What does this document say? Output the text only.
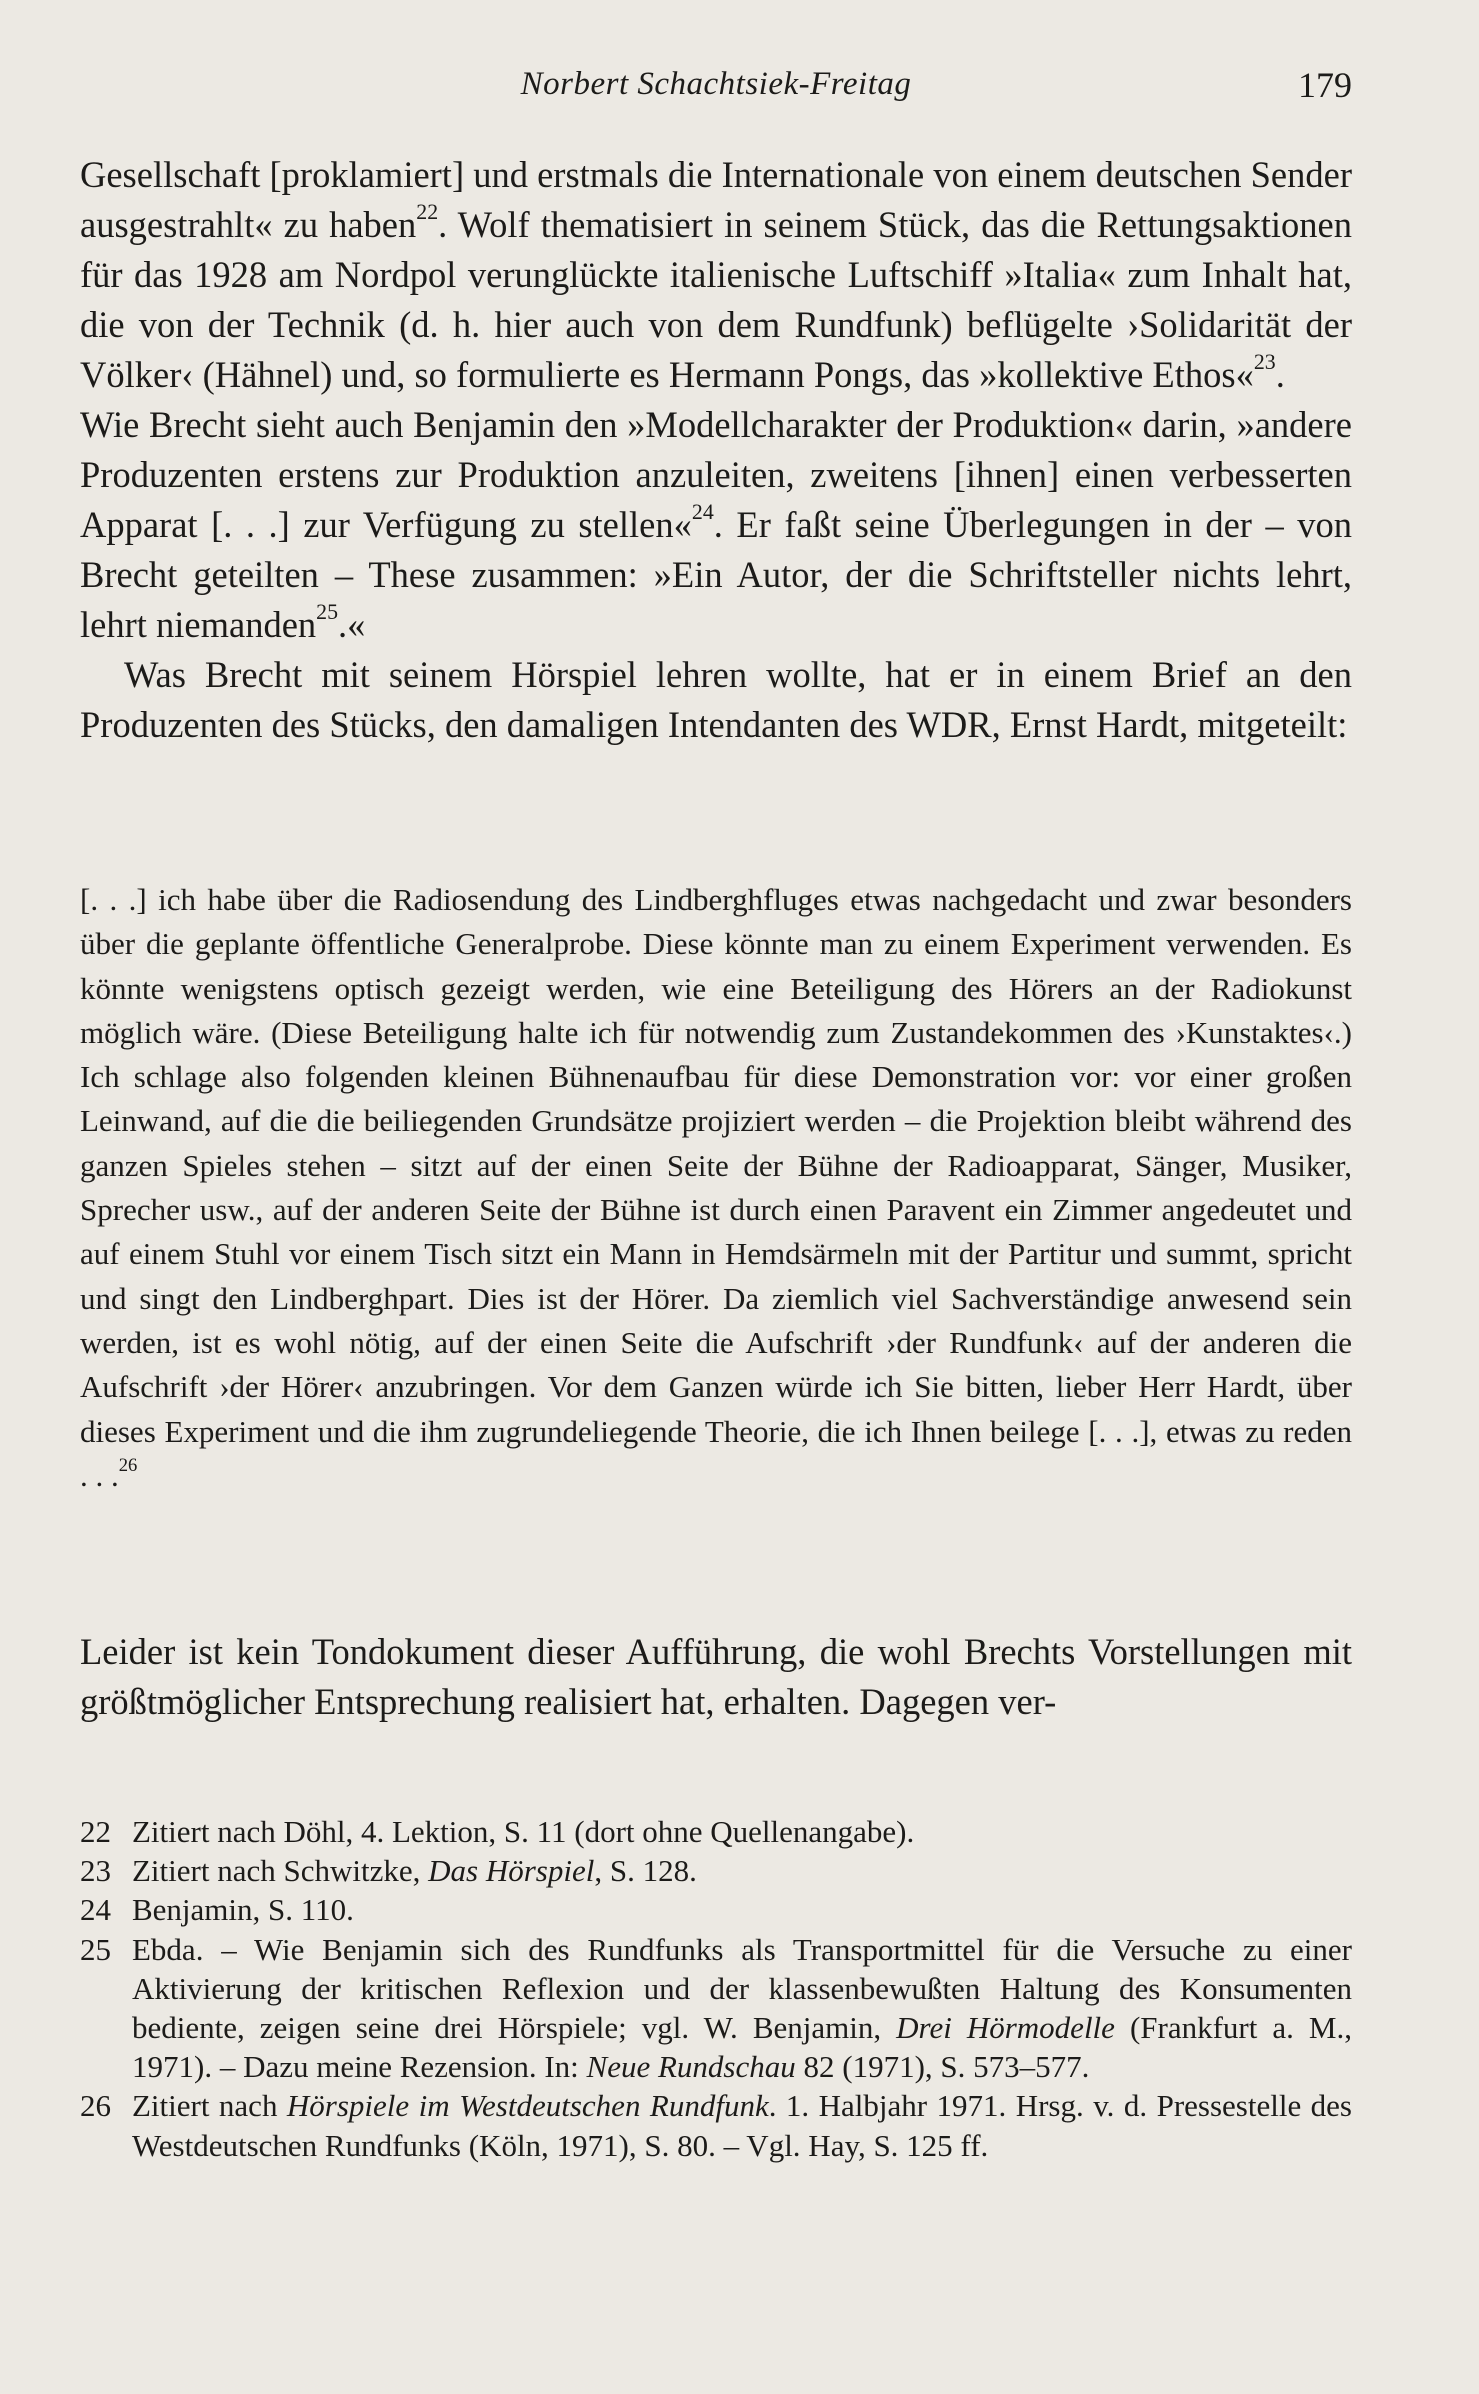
Norbert Schachtsiek-Freitag	179

Gesellschaft [proklamiert] und erstmals die Internationale von einem deutschen Sender ausgestrahlt« zu haben$^{22}$. Wolf thematisiert in seinem Stück, das die Rettungsaktionen für das 1928 am Nordpol verunglückte italienische Luftschiff »Italia« zum Inhalt hat, die von der Technik (d. h. hier auch von dem Rundfunk) beflügelte ›Solidarität der Völker‹ (Hähnel) und, so formulierte es Hermann Pongs, das »kollektive Ethos«$^{23}$.

Wie Brecht sieht auch Benjamin den »Modellcharakter der Produktion« darin, »andere Produzenten erstens zur Produktion anzuleiten, zweitens [ihnen] einen verbesserten Apparat [. . .] zur Verfügung zu stellen«$^{24}$. Er faßt seine Überlegungen in der – von Brecht geteilten – These zusammen: »Ein Autor, der die Schriftsteller nichts lehrt, lehrt niemanden$^{25}$.«

Was Brecht mit seinem Hörspiel lehren wollte, hat er in einem Brief an den Produzenten des Stücks, den damaligen Intendanten des WDR, Ernst Hardt, mitgeteilt:

[. . .] ich habe über die Radiosendung des Lindberghfluges etwas nachgedacht und zwar besonders über die geplante öffentliche Generalprobe. Diese könnte man zu einem Experiment verwenden. Es könnte wenigstens optisch gezeigt werden, wie eine Beteiligung des Hörers an der Radiokunst möglich wäre. (Diese Beteiligung halte ich für notwendig zum Zustandekommen des ›Kunstaktes‹.) Ich schlage also folgenden kleinen Bühnenaufbau für diese Demonstration vor: vor einer großen Leinwand, auf die die beiliegenden Grundsätze projiziert werden – die Projektion bleibt während des ganzen Spieles stehen – sitzt auf der einen Seite der Bühne der Radioapparat, Sänger, Musiker, Sprecher usw., auf der anderen Seite der Bühne ist durch einen Paravent ein Zimmer angedeutet und auf einem Stuhl vor einem Tisch sitzt ein Mann in Hemdsärmeln mit der Partitur und summt, spricht und singt den Lindberghpart. Dies ist der Hörer. Da ziemlich viel Sachverständige anwesend sein werden, ist es wohl nötig, auf der einen Seite die Aufschrift ›der Rundfunk‹ auf der anderen die Aufschrift ›der Hörer‹ anzubringen. Vor dem Ganzen würde ich Sie bitten, lieber Herr Hardt, über dieses Experiment und die ihm zugrundeliegende Theorie, die ich Ihnen beilege [. . .], etwas zu reden . . .$^{26}$

Leider ist kein Tondokument dieser Aufführung, die wohl Brechts Vorstellungen mit größtmöglicher Entsprechung realisiert hat, erhalten. Dagegen ver-

22 Zitiert nach Döhl, 4. Lektion, S. 11 (dort ohne Quellenangabe).
23 Zitiert nach Schwitzke, Das Hörspiel, S. 128.
24 Benjamin, S. 110.
25 Ebda. – Wie Benjamin sich des Rundfunks als Transportmittel für die Versuche zu einer Aktivierung der kritischen Reflexion und der klassenbewußten Haltung des Konsumenten bediente, zeigen seine drei Hörspiele; vgl. W. Benjamin, Drei Hörmodelle (Frankfurt a. M., 1971). – Dazu meine Rezension. In: Neue Rundschau 82 (1971), S. 573–577.
26 Zitiert nach Hörspiele im Westdeutschen Rundfunk. 1. Halbjahr 1971. Hrsg. v. d. Pressestelle des Westdeutschen Rundfunks (Köln, 1971), S. 80. – Vgl. Hay, S. 125 ff.
